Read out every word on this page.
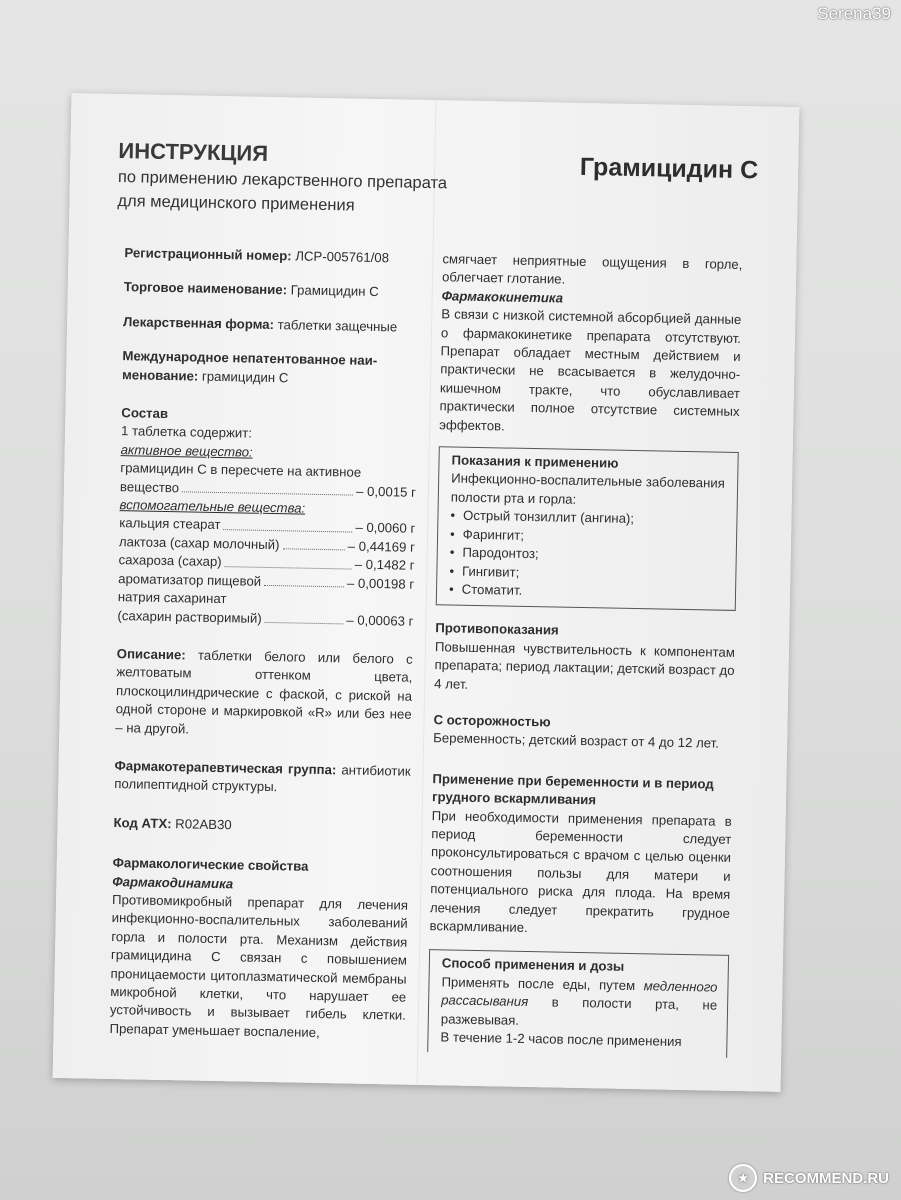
Serena39
★ RECOMMEND.RU
ИНСТРУКЦИЯ
по применению лекарственного препарата
для медицинского применения
Грамицидин С

Регистрационный номер: ЛСР-005761/08

Торговое наименование: Грамицидин С

Лекарственная форма: таблетки защечные

Международное непатентованное наи-
менование: грамицидин С

Состав

1 таблетка содержит:

активное вещество:

грамицидин С в пересчете на активное

вещество	– 0,0015 г

вспомогательные вещества:

кальция стеарат	– 0,0060 г
лактоза (сахар молочный)	– 0,44169 г
сахароза (сахар)	– 0,1482 г
ароматизатор пищевой	– 0,00198 г

натрия сахаринат

(сахарин растворимый)	– 0,00063 г

Описание: таблетки белого или белого с желтоватым оттенком цвета, плоскоцилиндрические с фаской, с риской на одной стороне и маркировкой «R» или без нее – на другой.

Фармакотерапевтическая группа: антибиотик полипептидной структуры.

Код АТХ: R02AB30

Фармакологические свойства

Фармакодинамика

Противомикробный препарат для лечения инфекционно-воспалительных заболеваний горла и полости рта. Механизм действия грамицидина С связан с повышением проницаемости цитоплазматической мембраны микробной клетки, что нарушает ее устойчивость и вызывает гибель клетки. Препарат уменьшает воспаление,

смягчает неприятные ощущения в горле, облегчает глотание.

Фармакокинетика

В связи с низкой системной абсорбцией данные о фармакокинетике препарата отсутствуют. Препарат обладает местным действием и практически не всасывается в желудочно-кишечном тракте, что обуславливает практически полное отсутствие системных эффектов.

Показания к применению

Инфекционно-воспалительные заболевания полости рта и горла:

• Острый тонзиллит (ангина);
• Фарингит;
• Пародонтоз;
• Гингивит;
• Стоматит.

Противопоказания

Повышенная чувствительность к компонентам препарата; период лактации; детский возраст до 4 лет.

С осторожностью

Беременность; детский возраст от 4 до 12 лет.

Применение при беременности и в период грудного вскармливания

При необходимости применения препарата в период беременности следует проконсультироваться с врачом с целью оценки соотношения пользы для матери и потенциального риска для плода. На время лечения следует прекратить грудное вскармливание.

Способ применения и дозы

Применять после еды, путем медленного рассасывания в полости рта, не разжевывая.

В течение 1-2 часов после применения
